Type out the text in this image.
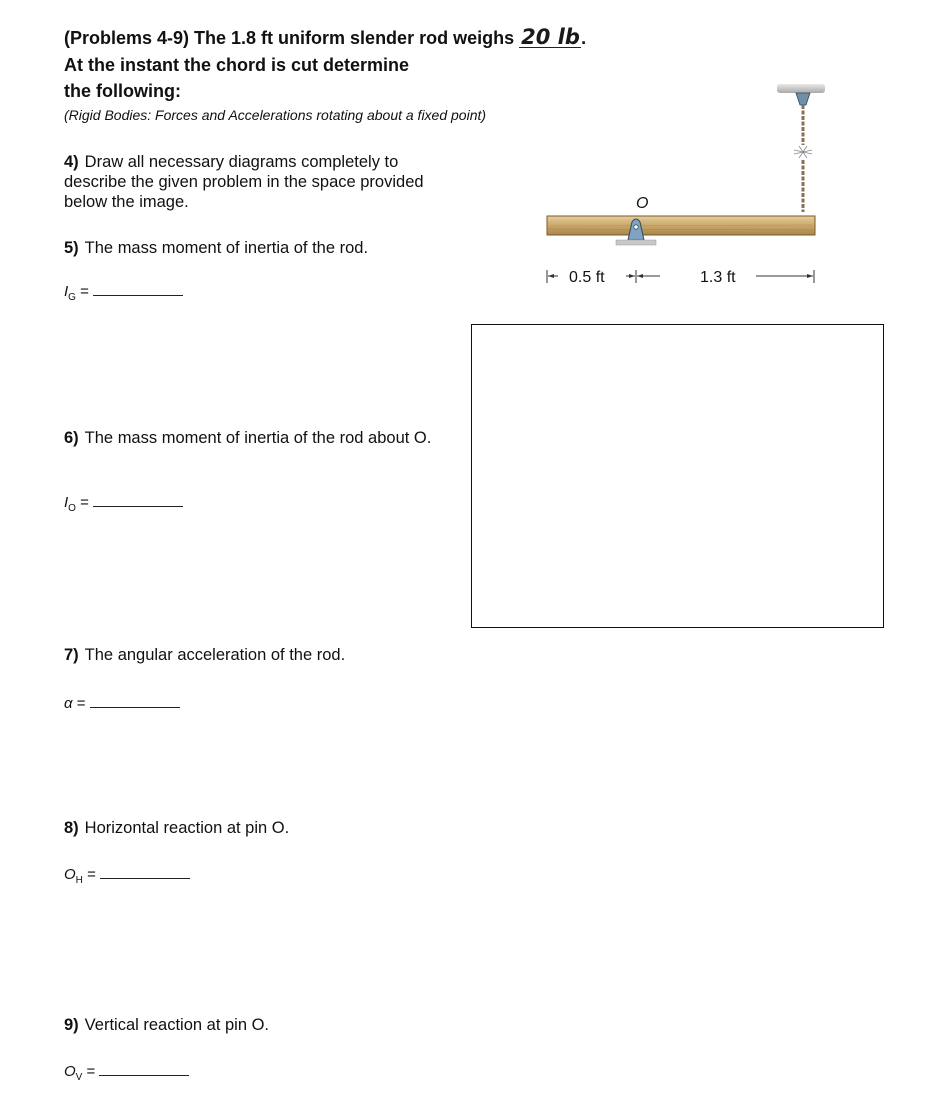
(Problems 4-9) The 1.8 ft uniform slender rod weighs 20 lb.
At the instant the chord is cut determine
the following:
(Rigid Bodies: Forces and Accelerations rotating about a fixed point)
O
0.5 ft	1.3 ft
4) Draw all necessary diagrams completely to describe the given problem in the space provided below the image.
5) The mass moment of inertia of the rod.
$I_G$ =
6) The mass moment of inertia of the rod about O.
$I_O$ =
7) The angular acceleration of the rod.
α =
8) Horizontal reaction at pin O.
$O_H$ =
9) Vertical reaction at pin O.
$O_V$ =
